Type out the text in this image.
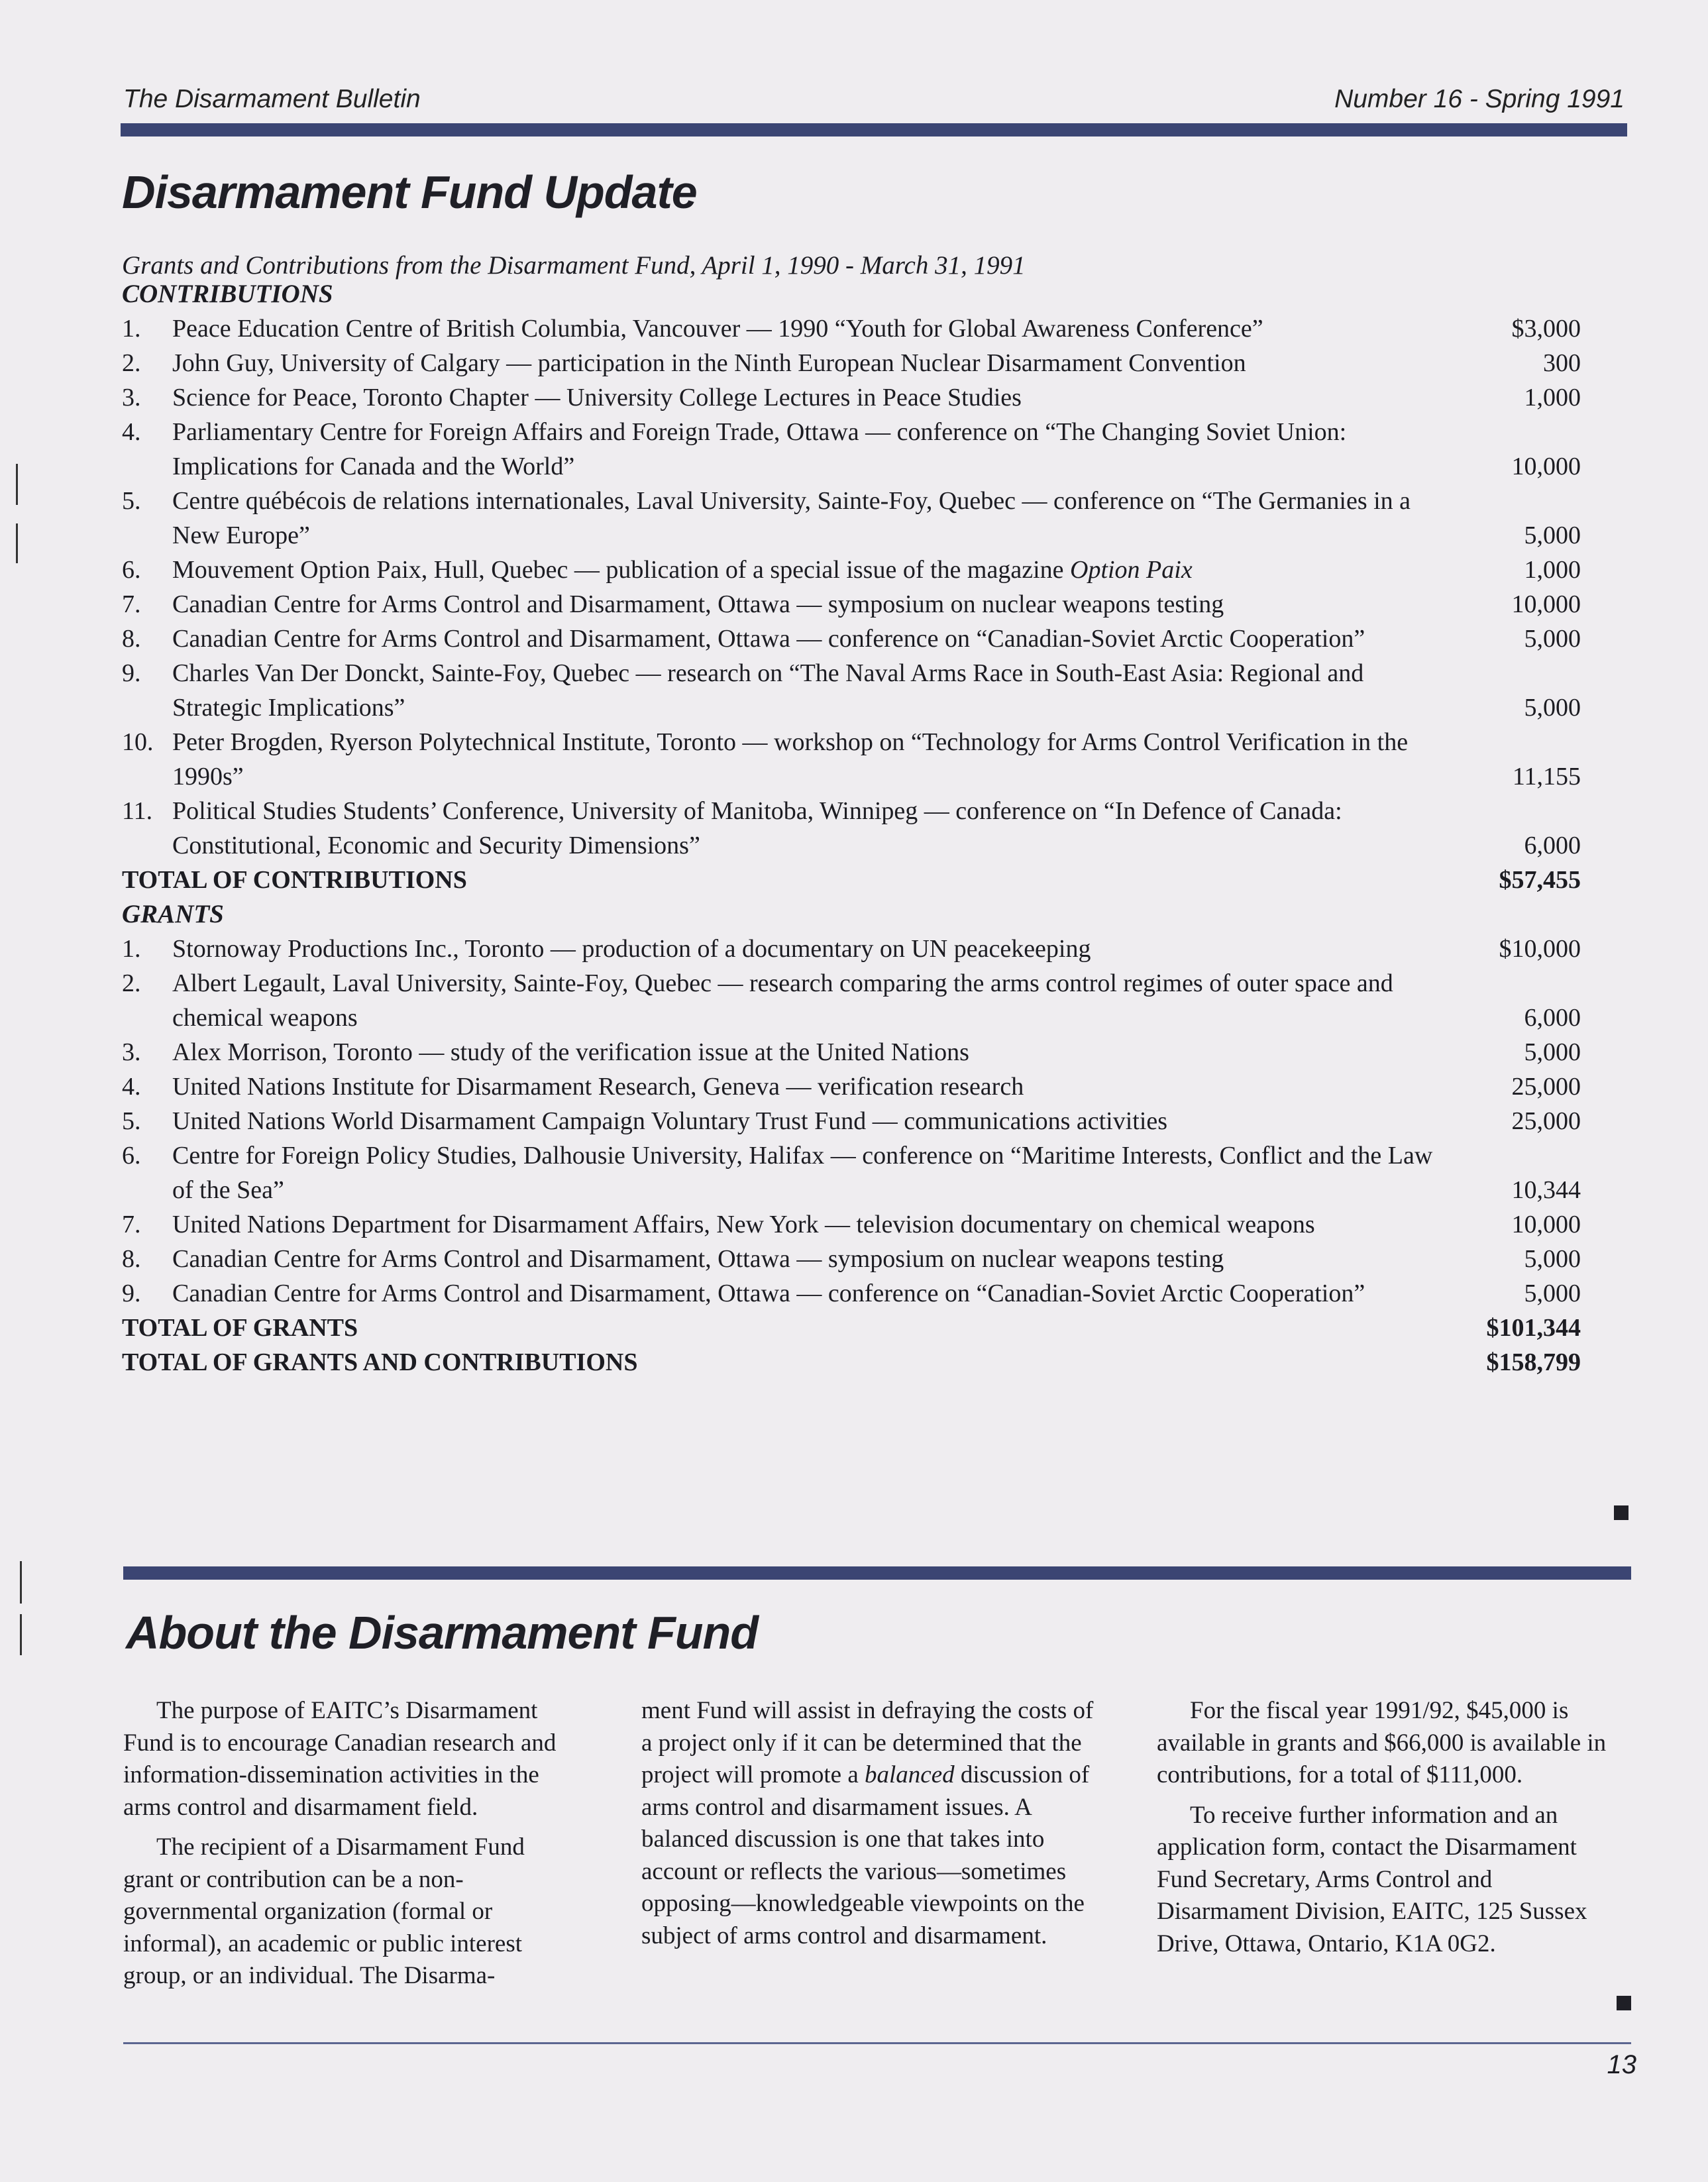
The Disarmament Bulletin	Number 16 - Spring 1991
Disarmament Fund Update
Grants and Contributions from the Disarmament Fund, April 1, 1990 - March 31, 1991
CONTRIBUTIONS
1.	Peace Education Centre of British Columbia, Vancouver — 1990 “Youth for Global Awareness Conference”	$3,000
2.	John Guy, University of Calgary — participation in the Ninth European Nuclear Disarmament Convention	300
3.	Science for Peace, Toronto Chapter — University College Lectures in Peace Studies	1,000
4.	Parliamentary Centre for Foreign Affairs and Foreign Trade, Ottawa — conference on “The Changing Soviet Union: Implications for Canada and the World”	10,000
5.	Centre québécois de relations internationales, Laval University, Sainte-Foy, Quebec — conference on “The Germanies in a New Europe”	5,000
6.	Mouvement Option Paix, Hull, Quebec — publication of a special issue of the magazine Option Paix	1,000
7.	Canadian Centre for Arms Control and Disarmament, Ottawa — symposium on nuclear weapons testing	10,000
8.	Canadian Centre for Arms Control and Disarmament, Ottawa — conference on “Canadian-Soviet Arctic Cooperation”	5,000
9.	Charles Van Der Donckt, Sainte-Foy, Quebec — research on “The Naval Arms Race in South-East Asia: Regional and Strategic Implications”	5,000
10. Peter Brogden, Ryerson Polytechnical Institute, Toronto — workshop on “Technology for Arms Control Verification in the 1990s”	11,155
11. Political Studies Students’ Conference, University of Manitoba, Winnipeg — conference on “In Defence of Canada: Constitutional, Economic and Security Dimensions”	6,000
TOTAL OF CONTRIBUTIONS	$57,455
GRANTS
1.	Stornoway Productions Inc., Toronto — production of a documentary on UN peacekeeping	$10,000
2.	Albert Legault, Laval University, Sainte-Foy, Quebec — research comparing the arms control regimes of outer space and chemical weapons	6,000
3.	Alex Morrison, Toronto — study of the verification issue at the United Nations	5,000
4.	United Nations Institute for Disarmament Research, Geneva — verification research	25,000
5.	United Nations World Disarmament Campaign Voluntary Trust Fund — communications activities	25,000
6.	Centre for Foreign Policy Studies, Dalhousie University, Halifax — conference on “Maritime Interests, Conflict and the Law of the Sea”	10,344
7.	United Nations Department for Disarmament Affairs, New York — television documentary on chemical weapons	10,000
8.	Canadian Centre for Arms Control and Disarmament, Ottawa — symposium on nuclear weapons testing	5,000
9.	Canadian Centre for Arms Control and Disarmament, Ottawa — conference on “Canadian-Soviet Arctic Cooperation”	5,000
TOTAL OF GRANTS	$101,344
TOTAL OF GRANTS AND CONTRIBUTIONS	$158,799
About the Disarmament Fund

The purpose of EAITC’s Disarmament Fund is to encourage Canadian research and information-dissemination activities in the arms control and disarmament field.

The recipient of a Disarmament Fund grant or contribution can be a non-governmental organization (formal or informal), an academic or public interest group, or an individual. The Disarma-

ment Fund will assist in defraying the costs of a project only if it can be determined that the project will promote a balanced discussion of arms control and disarmament issues. A balanced discussion is one that takes into account or reflects the various—sometimes opposing—knowledgeable viewpoints on the subject of arms control and disarmament.

For the fiscal year 1991/92, $45,000 is available in grants and $66,000 is available in contributions, for a total of $111,000.

To receive further information and an application form, contact the Disarmament Fund Secretary, Arms Control and Disarmament Division, EAITC, 125 Sussex Drive, Ottawa, Ontario, K1A 0G2.

13
